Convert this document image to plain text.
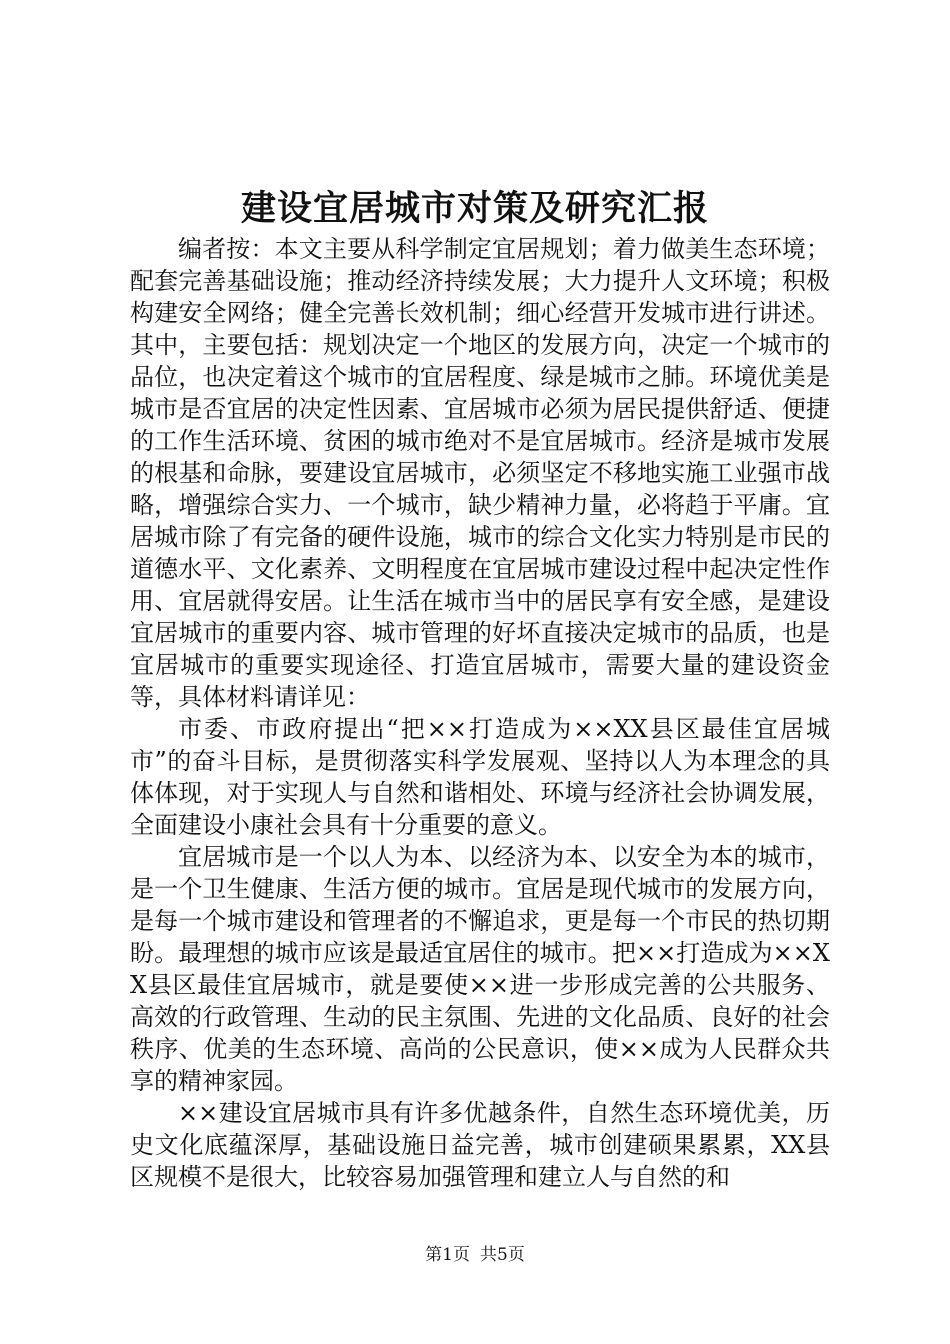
建设宜居城市对策及研究汇报

编者按：本文主要从科学制定宜居规划；着力做美生态环境；配套完善基础设施；推动经济持续发展；大力提升人文环境；积极构建安全网络；健全完善长效机制；细心经营开发城市进行讲述。其中，主要包括：规划决定一个地区的发展方向，决定一个城市的品位，也决定着这个城市的宜居程度、绿是城市之肺。环境优美是城市是否宜居的决定性因素、宜居城市必须为居民提供舒适、便捷的工作生活环境、贫困的城市绝对不是宜居城市。经济是城市发展的根基和命脉，要建设宜居城市，必须坚定不移地实施工业强市战略，增强综合实力、一个城市，缺少精神力量，必将趋于平庸。宜居城市除了有完备的硬件设施，城市的综合文化实力特别是市民的道德水平、文化素养、文明程度在宜居城市建设过程中起决定性作用、宜居就得安居。让生活在城市当中的居民享有安全感，是建设宜居城市的重要内容、城市管理的好坏直接决定城市的品质，也是宜居城市的重要实现途径、打造宜居城市，需要大量的建设资金等，具体材料请详见：

市委、市政府提出“把××打造成为××XX县区最佳宜居城市”的奋斗目标，是贯彻落实科学发展观、坚持以人为本理念的具体体现，对于实现人与自然和谐相处、环境与经济社会协调发展，全面建设小康社会具有十分重要的意义。

宜居城市是一个以人为本、以经济为本、以安全为本的城市，是一个卫生健康、生活方便的城市。宜居是现代城市的发展方向，是每一个城市建设和管理者的不懈追求，更是每一个市民的热切期盼。最理想的城市应该是最适宜居住的城市。把××打造成为××XX县区最佳宜居城市，就是要使××进一步形成完善的公共服务、高效的行政管理、生动的民主氛围、先进的文化品质、良好的社会秩序、优美的生态环境、高尚的公民意识，使××成为人民群众共享的精神家园。

××建设宜居城市具有许多优越条件，自然生态环境优美，历史文化底蕴深厚，基础设施日益完善，城市创建硕果累累，XX县区规模不是很大，比较容易加强管理和建立人与自然的和

第1页 共5页
